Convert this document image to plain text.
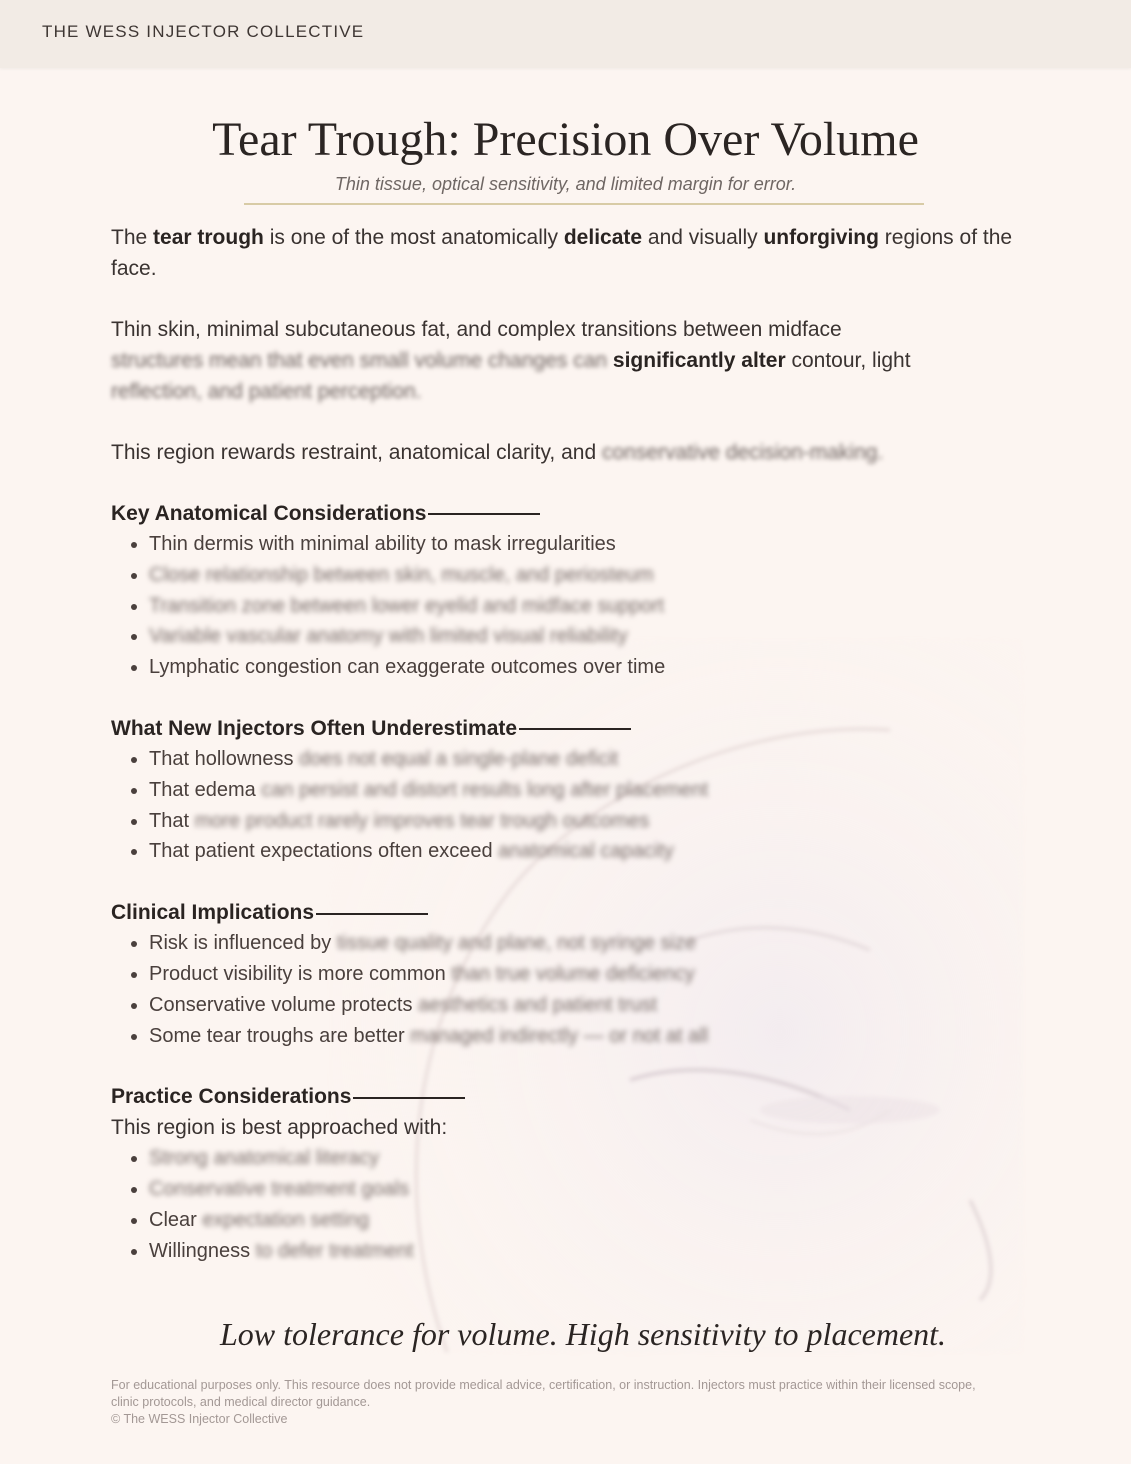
THE WESS INJECTOR COLLECTIVE
Tear Trough: Precision Over Volume
Thin tissue, optical sensitivity, and limited margin for error.

The tear trough is one of the most anatomically delicate and visually unforgiving regions of the face.

Thin skin, minimal subcutaneous fat, and complex transitions between midface
structures mean that even small volume changes can significantly alter contour, light
reflection, and patient perception.

This region rewards restraint, anatomical clarity, and conservative decision-making.

Key Anatomical Considerations
• Thin dermis with minimal ability to mask irregularities
• Close relationship between skin, muscle, and periosteum
• Transition zone between lower eyelid and midface support
• Variable vascular anatomy with limited visual reliability
• Lymphatic congestion can exaggerate outcomes over time
What New Injectors Often Underestimate
• That hollowness does not equal a single-plane deficit
• That edema can persist and distort results long after placement
• That more product rarely improves tear trough outcomes
• That patient expectations often exceed anatomical capacity
Clinical Implications
• Risk is influenced by tissue quality and plane, not syringe size
• Product visibility is more common than true volume deficiency
• Conservative volume protects aesthetics and patient trust
• Some tear troughs are better managed indirectly — or not at all
Practice Considerations

This region is best approached with:

• Strong anatomical literacy
• Conservative treatment goals
• Clear expectation setting
• Willingness to defer treatment
Low tolerance for volume. High sensitivity to placement.
For educational purposes only. This resource does not provide medical advice, certification, or instruction. Injectors must practice within their licensed scope,
clinic protocols, and medical director guidance.
© The WESS Injector Collective
